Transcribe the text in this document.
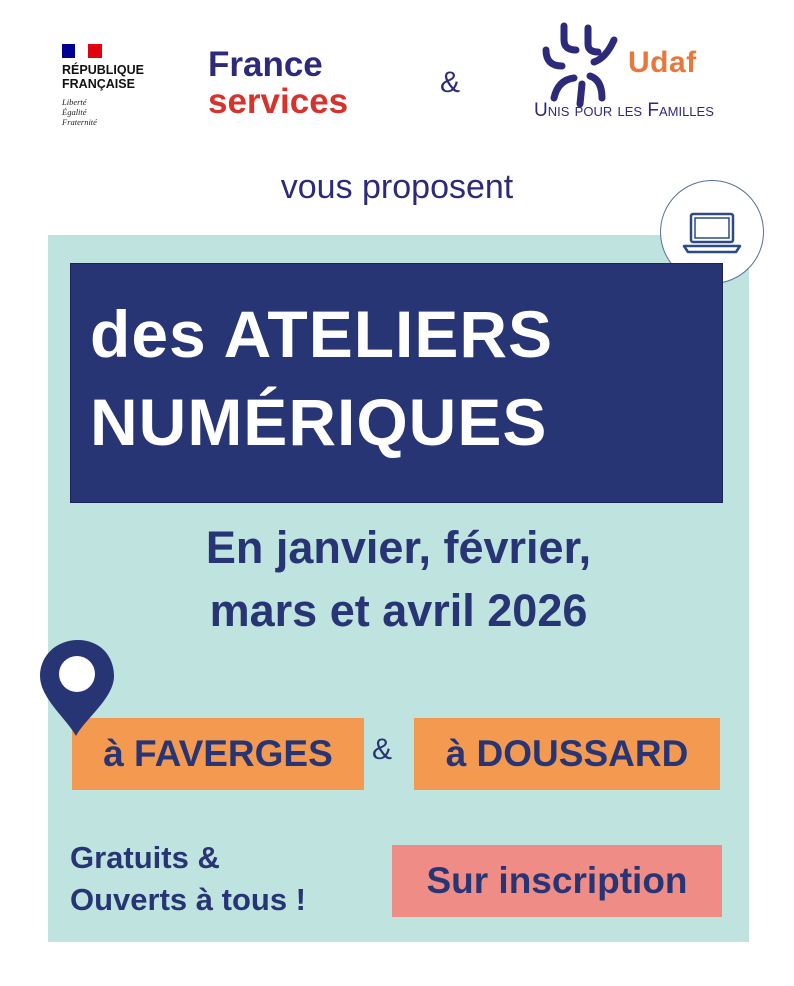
RÉPUBLIQUE
FRANÇAISE
Liberté
Égalité
Fraternité
France
services	&
Udaf
Unis pour les Familles
vous proposent
des ATELIERS
NUMÉRIQUES
En janvier, février,
mars et avril 2026
à FAVERGES & à DOUSSARD
Gratuits &
Ouverts à tous !	Sur inscription
